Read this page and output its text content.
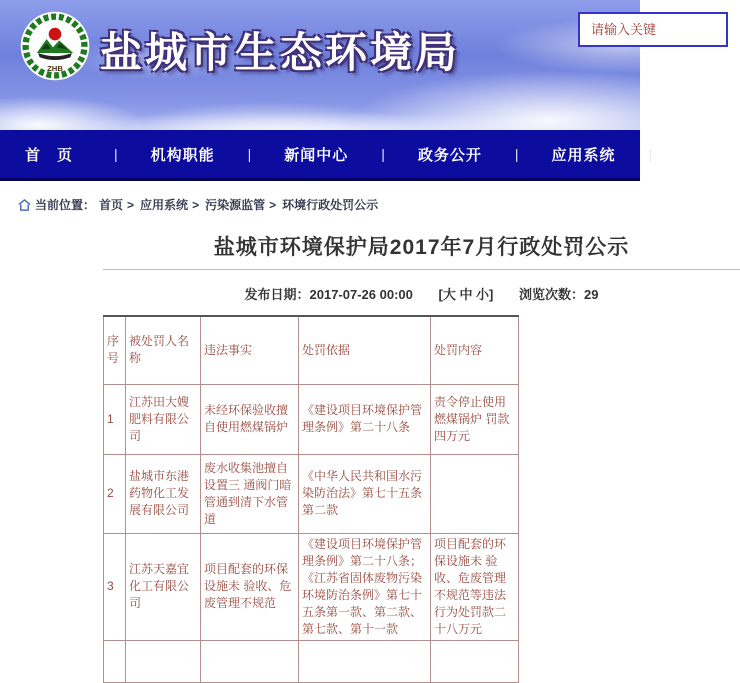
ZHB 盐城市生态环境局
请输入关键
首　页	|	机构职能	|	新闻中心	|	政务公开	|	应用系统	|
当前位置： 首页 > 应用系统 > 污染源监管 > 环境行政处罚公示
盐城市环境保护局2017年7月行政处罚公示
发布日期：2017-07-26 00:00 [大 中 小] 浏览次数：29
序号	被处罚人名称	违法事实	处罚依据	处罚内容
1	江苏田大嫂肥料有限公司	未经环保验收擅自使用燃煤锅炉	《建设项目环境保护管 理条例》第二十八条	责令停止使用燃煤锅炉 罚款四万元
2	盐城市东港药物化工发展有限公司	废水收集池擅自设置三 通阀门暗管通到清下水管道	《中华人民共和国水污染防治法》第七十五条第二款	
3	江苏天嘉宜化工有限公司	项目配套的环保设施未 验收、危废管理不规范	《建设项目环境保护管 理条例》第二十八条；《江苏省固体废物污染环境防治条例》第七十五条第一款、第二款、第七款、第十一款	项目配套的环保设施未 验收、危废管理不规范等违法行为处罚款二十八万元
